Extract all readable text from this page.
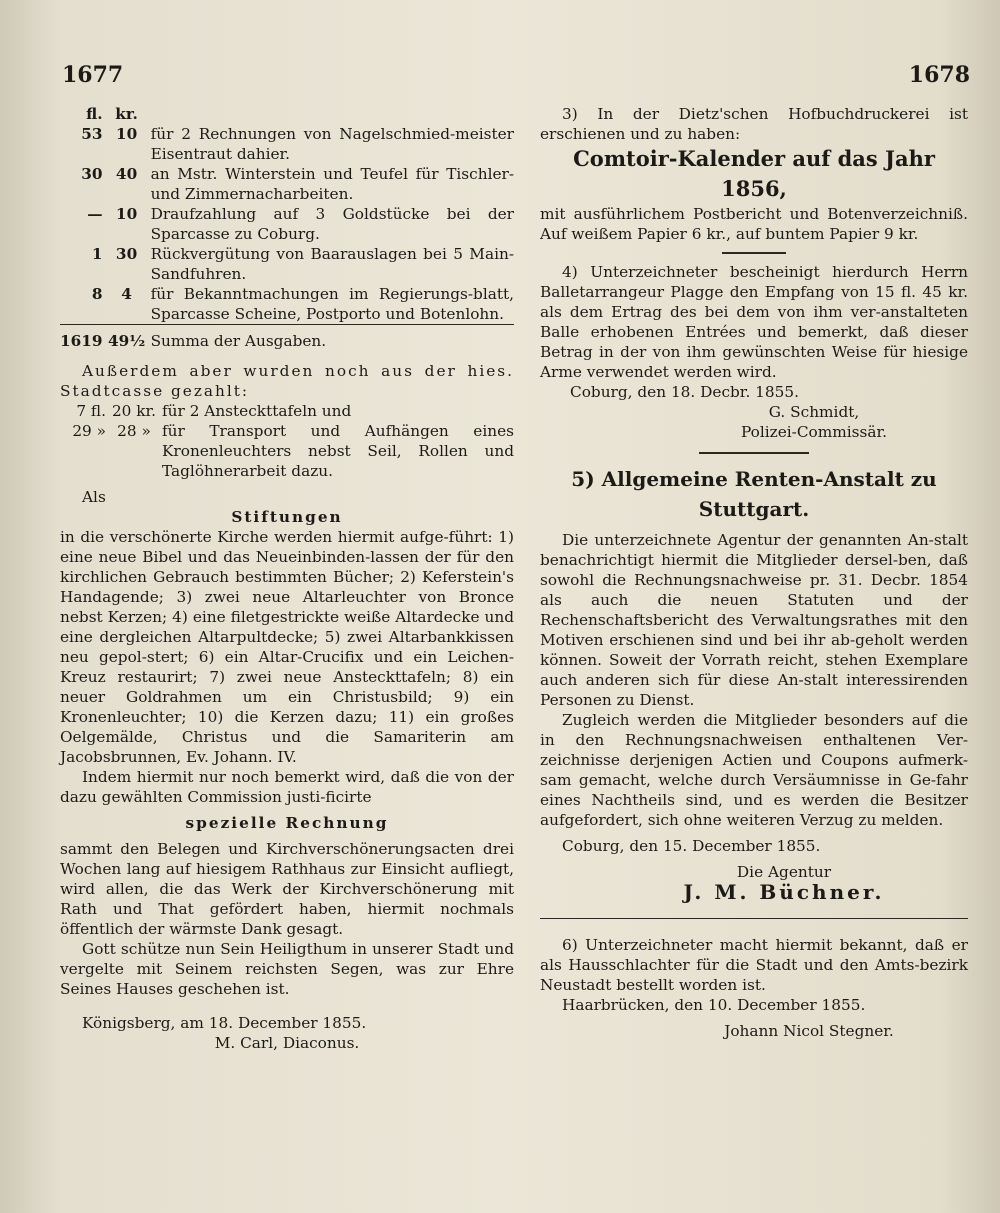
1677	1678
fl.	kr.	
53	10	für 2 Rechnungen von Nagelschmied-meister Eisentraut dahier.
30	40	an Mstr. Winterstein und Teufel für Tischler- und Zimmernacharbeiten.
—	10	Draufzahlung auf 3 Goldstücke bei der Sparcasse zu Coburg.
1	30	Rückvergütung von Baarauslagen bei 5 Main-Sandfuhren.
8	4	für Bekanntmachungen im Regierungs-blatt, Sparcasse Scheine, Postporto und Botenlohn.
1619	49½	Summa der Ausgaben.

Außerdem aber wurden noch aus der hies. Stadtcasse gezahlt:

7 fl.	20 kr.	für 2 Ansteckttafeln und
29 »	28 »	für Transport und Aufhängen eines Kronenleuchters nebst Seil, Rollen und Taglöhnerarbeit dazu.

Als

Stiftungen

in die verschönerte Kirche werden hiermit aufge-führt: 1) eine neue Bibel und das Neueinbinden-lassen der für den kirchlichen Gebrauch bestimmten Bücher; 2) Keferstein's Handagende; 3) zwei neue Altarleuchter von Bronce nebst Kerzen; 4) eine filetgestrickte weiße Altardecke und eine dergleichen Altarpultdecke; 5) zwei Altarbankkissen neu gepol-stert; 6) ein Altar-Crucifix und ein Leichen-Kreuz restaurirt; 7) zwei neue Ansteckttafeln; 8) ein neuer Goldrahmen um ein Christusbild; 9) ein Kronenleuchter; 10) die Kerzen dazu; 11) ein großes Oelgemälde, Christus und die Samariterin am Jacobsbrunnen, Ev. Johann. IV.

Indem hiermit nur noch bemerkt wird, daß die von der dazu gewählten Commission justi-ficirte

spezielle Rechnung

sammt den Belegen und Kirchverschönerungsacten drei Wochen lang auf hiesigem Rathhaus zur Einsicht aufliegt, wird allen, die das Werk der Kirchverschönerung mit Rath und That gefördert haben, hiermit nochmals öffentlich der wärmste Dank gesagt.

Gott schütze nun Sein Heiligthum in unserer Stadt und vergelte mit Seinem reichsten Segen, was zur Ehre Seines Hauses geschehen ist.

Königsberg, am 18. December 1855.

M. Carl, Diaconus.

3) In der Dietz'schen Hofbuchdruckerei ist erschienen und zu haben:

Comtoir-Kalender auf das Jahr 1856,

mit ausführlichem Postbericht und Botenverzeichniß. Auf weißem Papier 6 kr., auf buntem Papier 9 kr.

4) Unterzeichneter bescheinigt hierdurch Herrn Balletarrangeur Plagge den Empfang von 15 fl. 45 kr. als dem Ertrag des bei dem von ihm ver-anstalteten Balle erhobenen Entrées und bemerkt, daß dieser Betrag in der von ihm gewünschten Weise für hiesige Arme verwendet werden wird.

Coburg, den 18. Decbr. 1855.

G. Schmidt,

Polizei-Commissär.

5) Allgemeine Renten-Anstalt zu Stuttgart.

Die unterzeichnete Agentur der genannten An-stalt benachrichtigt hiermit die Mitglieder dersel-ben, daß sowohl die Rechnungsnachweise pr. 31. Decbr. 1854 als auch die neuen Statuten und der Rechenschaftsbericht des Verwaltungsrathes mit den Motiven erschienen sind und bei ihr ab-geholt werden können. Soweit der Vorrath reicht, stehen Exemplare auch anderen sich für diese An-stalt interessirenden Personen zu Dienst.

Zugleich werden die Mitglieder besonders auf die in den Rechnungsnachweisen enthaltenen Ver-zeichnisse derjenigen Actien und Coupons aufmerk-sam gemacht, welche durch Versäumnisse in Ge-fahr eines Nachtheils sind, und es werden die Besitzer aufgefordert, sich ohne weiteren Verzug zu melden.

Coburg, den 15. December 1855.

Die Agentur

J. M. Büchner.

6) Unterzeichneter macht hiermit bekannt, daß er als Hausschlachter für die Stadt und den Amts-bezirk Neustadt bestellt worden ist.

Haarbrücken, den 10. December 1855.

Johann Nicol Stegner.
